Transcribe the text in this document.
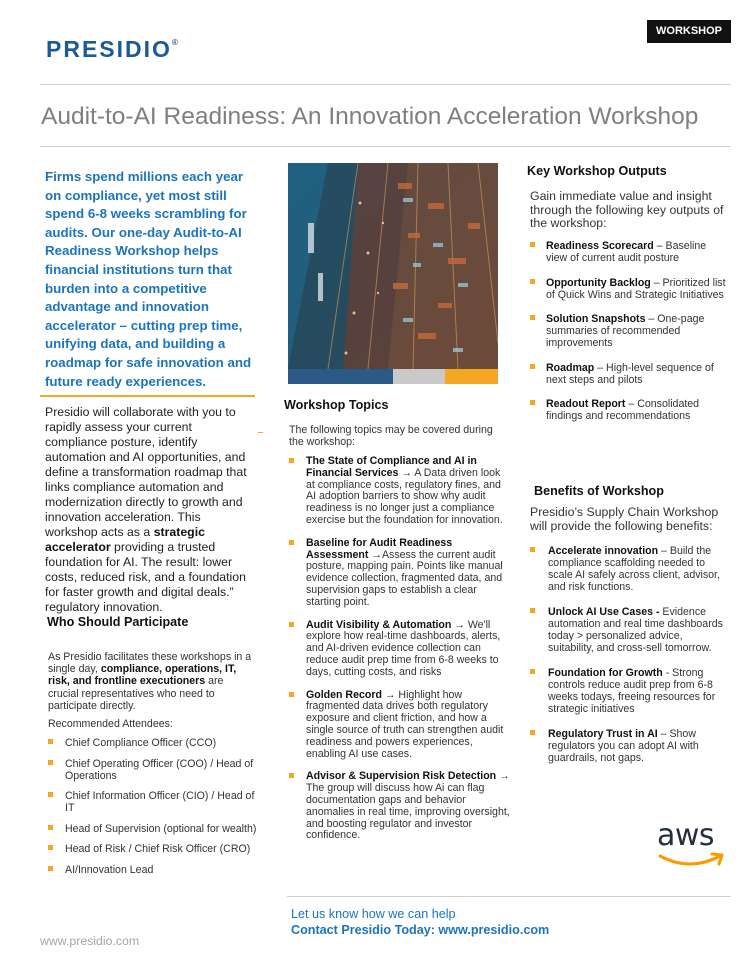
PRESIDIO®
WORKSHOP
Audit-to-AI Readiness: An Innovation Acceleration Workshop
Firms spend millions each year on compliance, yet most still spend 6-8 weeks scrambling for audits. Our one-day Audit-to-AI Readiness Workshop helps financial institutions turn that burden into a competitive advantage and innovation accelerator – cutting prep time, unifying data, and building a roadmap for safe innovation and future ready experiences.
Presidio will collaborate with you to rapidly assess your current compliance posture, identify automation and AI opportunities, and define a transformation roadmap that links compliance automation and modernization directly to growth and innovation acceleration. This workshop acts as a strategic accelerator providing a trusted foundation for AI. The result: lower costs, reduced risk, and a foundation for faster growth and digital deals.” regulatory innovation.
Who Should Participate
As Presidio facilitates these workshops in a single day, compliance, operations, IT, risk, and frontline executioners are crucial representatives who need to participate directly.
Recommended Attendees:
Chief Compliance Officer (CCO)
Chief Operating Officer (COO) / Head of Operations
Chief Information Officer (CIO) / Head of IT
Head of Supervision (optional for wealth)
Head of Risk / Chief Risk Officer (CRO)
AI/Innovation Lead
Workshop Topics
The following topics may be covered during the workshop:
The State of Compliance and AI in Financial Services → A Data driven look at compliance costs, regulatory fines, and AI adoption barriers to show why audit readiness is no longer just a compliance exercise but the foundation for innovation.
Baseline for Audit Readiness Assessment →Assess the current audit posture, mapping pain. Points like manual evidence collection, fragmented data, and supervision gaps to establish a clear starting point.
Audit Visibility & Automation → We'll explore how real-time dashboards, alerts, and AI-driven evidence collection can reduce audit prep time from 6-8 weeks to days, cutting costs, and risks
Golden Record → Highlight how fragmented data drives both regulatory exposure and client friction, and how a single source of truth can strengthen audit readiness and powers experiences, enabling AI use cases.
Advisor & Supervision Risk Detection → The group will discuss how Ai can flag documentation gaps and behavior anomalies in real time, improving oversight, and boosting regulator and investor confidence.
Key Workshop Outputs
Gain immediate value and insight through the following key outputs of the workshop:
Readiness Scorecard – Baseline view of current audit posture
Opportunity Backlog – Prioritized list of Quick Wins and Strategic Initiatives
Solution Snapshots – One-page summaries of recommended improvements
Roadmap – High-level sequence of next steps and pilots
Readout Report – Consolidated findings and recommendations
Benefits of Workshop
Presidio’s Supply Chain Workshop will provide the following benefits:
Accelerate innovation – Build the compliance scaffolding needed to scale AI safely across client, advisor, and risk functions.
Unlock AI Use Cases - Evidence automation and real time dashboards today > personalized advice, suitability, and cross-sell tomorrow.
Foundation for Growth - Strong controls reduce audit prep from 6-8 weeks todays, freeing resources for strategic initiatives
Regulatory Trust in AI – Show regulators you can adopt AI with guardrails, not gaps.
aws
Let us know how we can help
Contact Presidio Today: www.presidio.com
www.presidio.com
